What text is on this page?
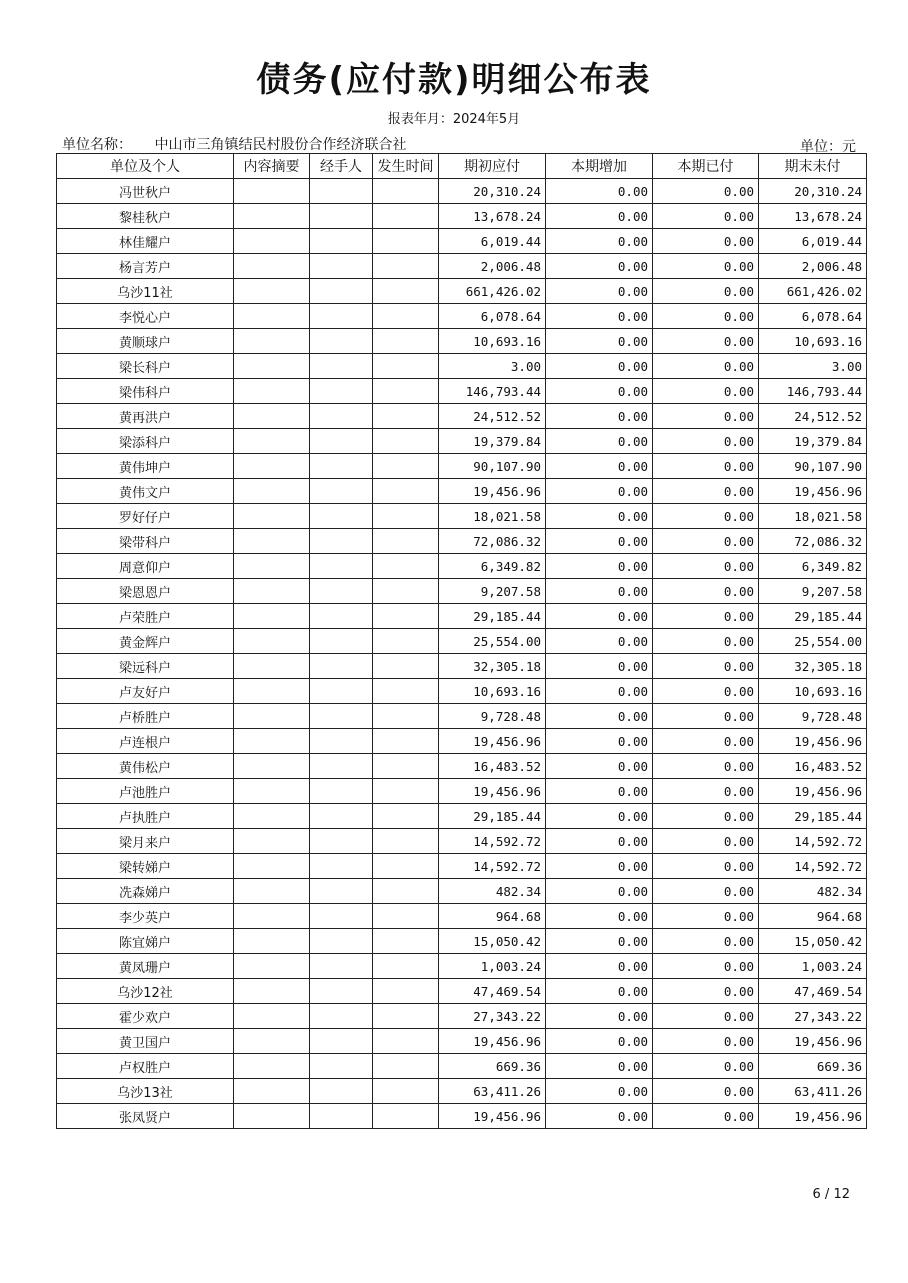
债务(应付款)明细公布表
报表年月：2024年5月
单位名称： 中山市三角镇结民村股份合作经济联合社	单位：元
单位及个人	内容摘要	经手人	发生时间	期初应付	本期增加	本期已付	期末未付
冯世秋户				20,310.24	0.00	0.00	20,310.24
黎桂秋户				13,678.24	0.00	0.00	13,678.24
林佳耀户				6,019.44	0.00	0.00	6,019.44
杨言芳户				2,006.48	0.00	0.00	2,006.48
乌沙11社				661,426.02	0.00	0.00	661,426.02
李悦心户				6,078.64	0.00	0.00	6,078.64
黄顺球户				10,693.16	0.00	0.00	10,693.16
梁长科户				3.00	0.00	0.00	3.00
梁伟科户				146,793.44	0.00	0.00	146,793.44
黄再洪户				24,512.52	0.00	0.00	24,512.52
梁添科户				19,379.84	0.00	0.00	19,379.84
黄伟坤户				90,107.90	0.00	0.00	90,107.90
黄伟文户				19,456.96	0.00	0.00	19,456.96
罗好仔户				18,021.58	0.00	0.00	18,021.58
梁带科户				72,086.32	0.00	0.00	72,086.32
周意仰户				6,349.82	0.00	0.00	6,349.82
梁恩恩户				9,207.58	0.00	0.00	9,207.58
卢荣胜户				29,185.44	0.00	0.00	29,185.44
黄金辉户				25,554.00	0.00	0.00	25,554.00
梁远科户				32,305.18	0.00	0.00	32,305.18
卢友好户				10,693.16	0.00	0.00	10,693.16
卢桥胜户				9,728.48	0.00	0.00	9,728.48
卢连根户				19,456.96	0.00	0.00	19,456.96
黄伟松户				16,483.52	0.00	0.00	16,483.52
卢池胜户				19,456.96	0.00	0.00	19,456.96
卢执胜户				29,185.44	0.00	0.00	29,185.44
梁月来户				14,592.72	0.00	0.00	14,592.72
梁转娣户				14,592.72	0.00	0.00	14,592.72
冼森娣户				482.34	0.00	0.00	482.34
李少英户				964.68	0.00	0.00	964.68
陈宜娣户				15,050.42	0.00	0.00	15,050.42
黄凤珊户				1,003.24	0.00	0.00	1,003.24
乌沙12社				47,469.54	0.00	0.00	47,469.54
霍少欢户				27,343.22	0.00	0.00	27,343.22
黄卫国户				19,456.96	0.00	0.00	19,456.96
卢权胜户				669.36	0.00	0.00	669.36
乌沙13社				63,411.26	0.00	0.00	63,411.26
张凤贤户				19,456.96	0.00	0.00	19,456.96
6 / 12
